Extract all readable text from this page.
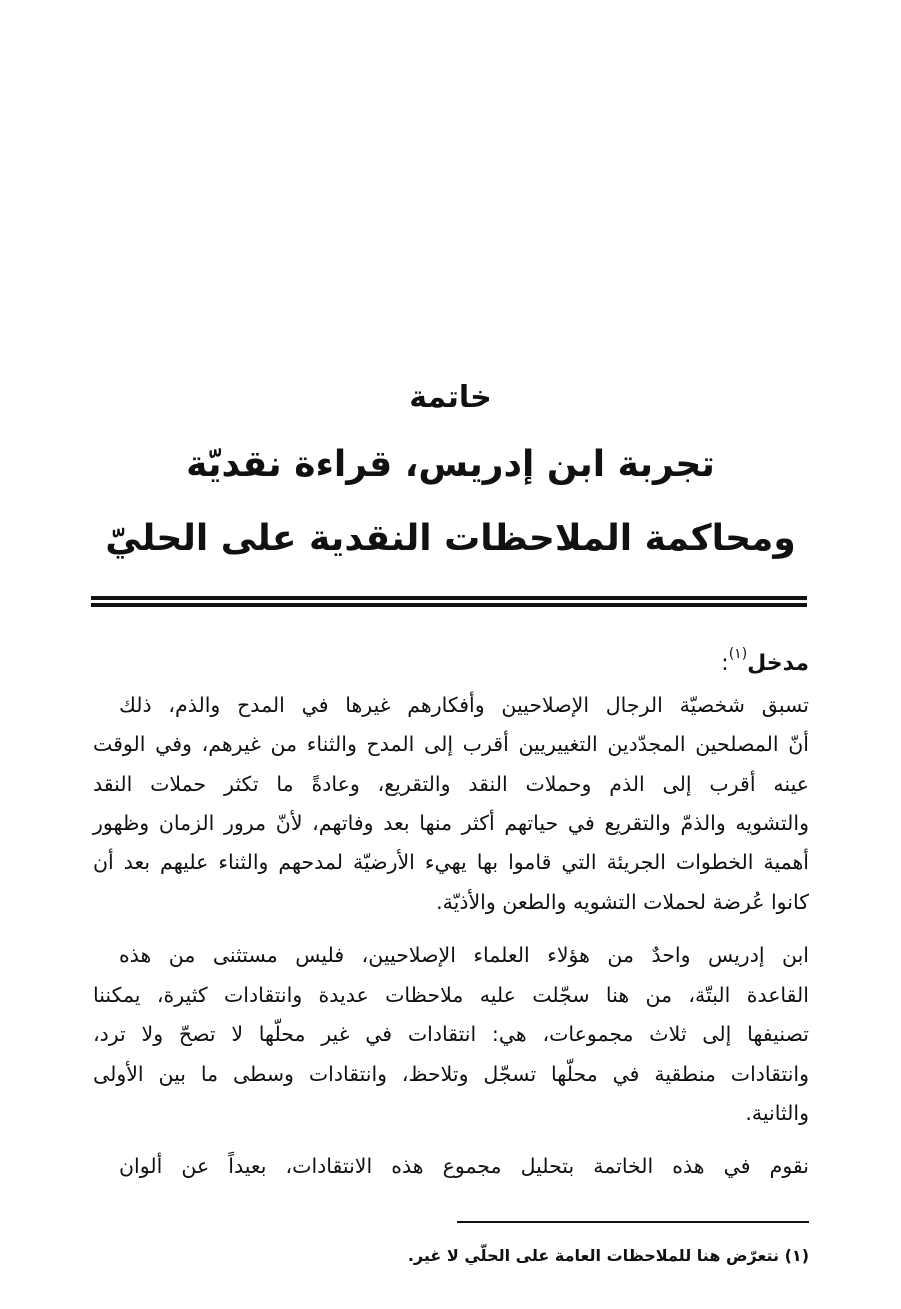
خاتمة
تجربة ابن إدريس، قراءة نقديّة
ومحاكمة الملاحظات النقدية على الحليّ
مدخل$^{(١)}$:
تسبق شخصيّة الرجال الإصلاحيين وأفكارهم غيرها في المدح والذم، ذلك
أنّ المصلحين المجدّدين التغييريين أقرب إلى المدح والثناء من غيرهم، وفي الوقت
عينه أقرب إلى الذم وحملات النقد والتقريع، وعادةً ما تكثر حملات النقد
والتشويه والذمّ والتقريع في حياتهم أكثر منها بعد وفاتهم، لأنّ مرور الزمان وظهور
أهمية الخطوات الجريئة التي قاموا بها يهيء الأرضيّة لمدحهم والثناء عليهم بعد أن
كانوا عُرضة لحملات التشويه والطعن والأذيّة.
ابن إدريس واحدٌ من هؤلاء العلماء الإصلاحيين، فليس مستثنى من هذه
القاعدة البتّة، من هنا سجّلت عليه ملاحظات عديدة وانتقادات كثيرة، يمكننا
تصنيفها إلى ثلاث مجموعات، هي: انتقادات في غير محلّها لا تصحّ ولا ترد،
وانتقادات منطقية في محلّها تسجّل وتلاحظ، وانتقادات وسطى ما بين الأولى
والثانية.
نقوم في هذه الخاتمة بتحليل مجموع هذه الانتقادات، بعيداً عن ألوان
(١) نتعرّض هنا للملاحظات العامة على الحلّي لا غير.
